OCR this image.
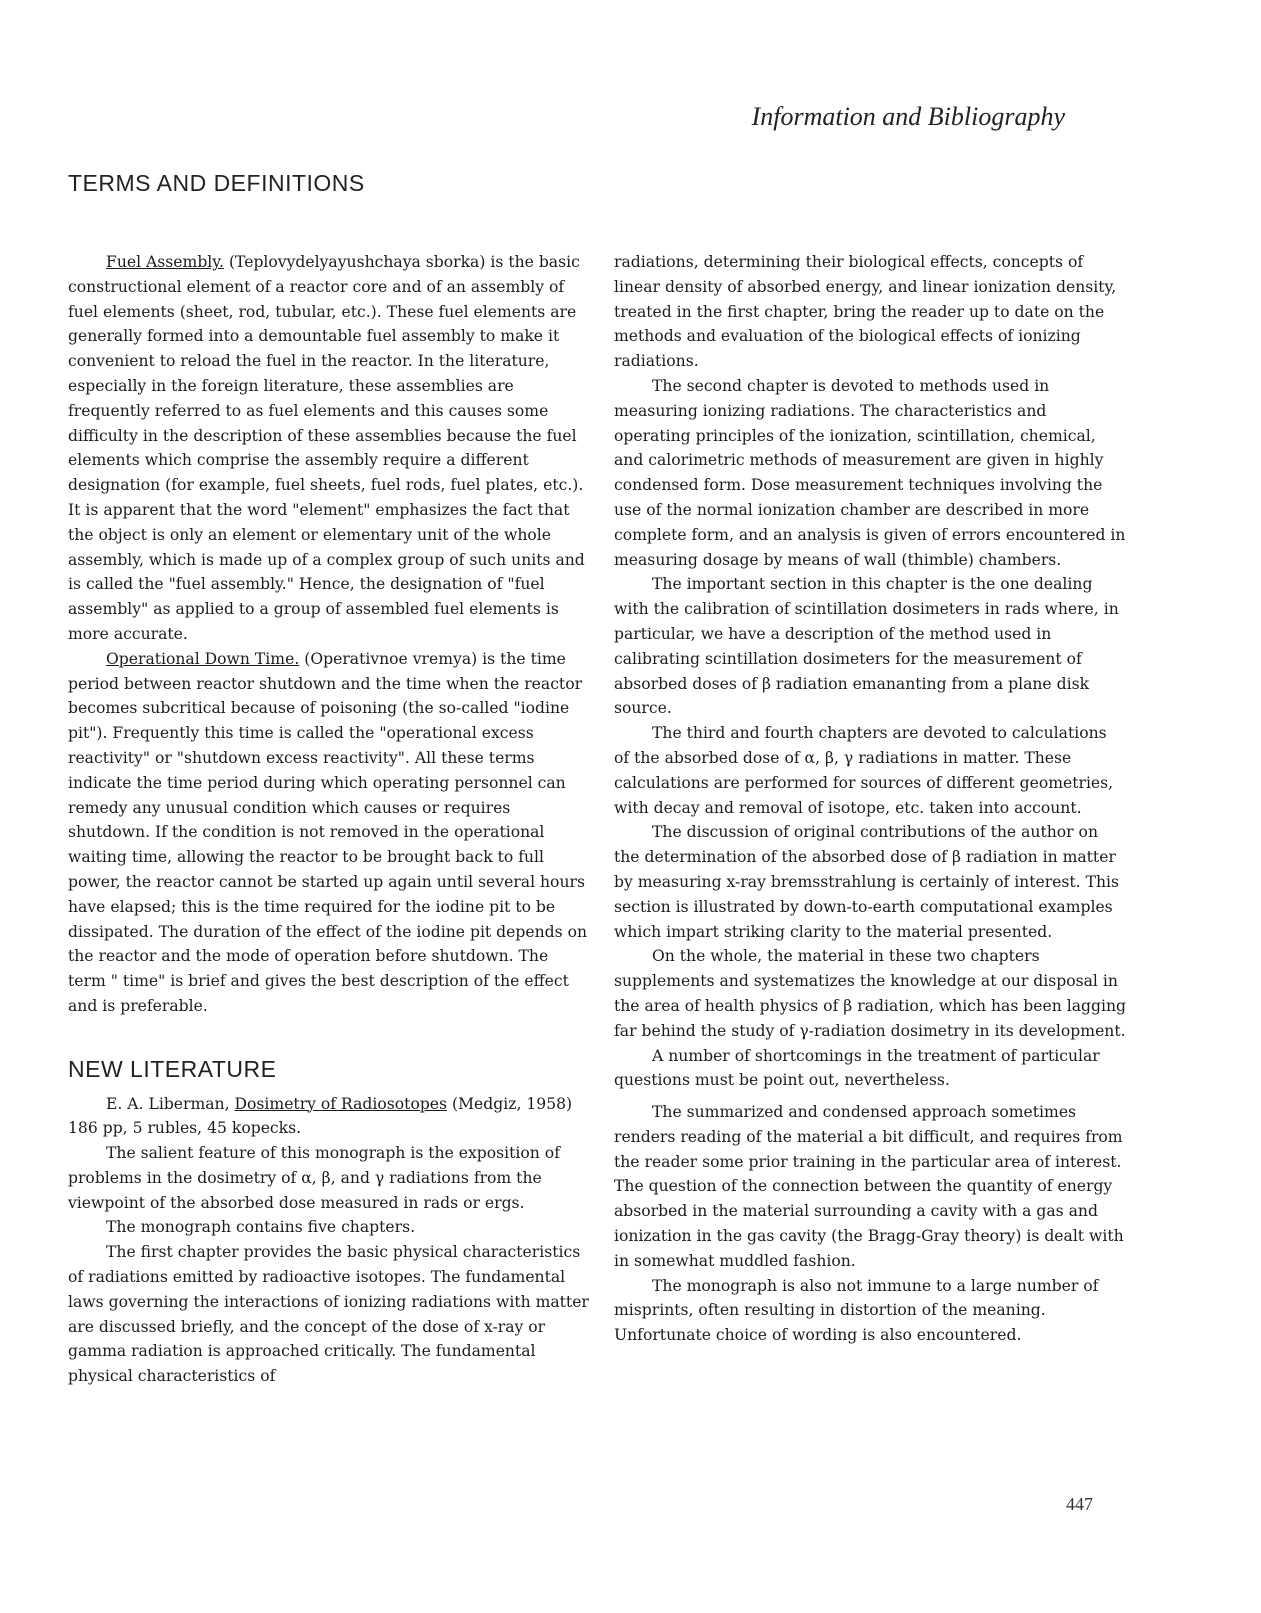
Information and Bibliography
TERMS AND DEFINITIONS

Fuel Assembly. (Teplovydelyayushchaya sborka) is the basic constructional element of a reactor core and of an assembly of fuel elements (sheet, rod, tubular, etc.). These fuel elements are generally formed into a demountable fuel assembly to make it convenient to reload the fuel in the reactor. In the literature, especially in the foreign literature, these assemblies are frequently referred to as fuel elements and this causes some difficulty in the description of these assemblies because the fuel elements which comprise the assembly require a different designation (for example, fuel sheets, fuel rods, fuel plates, etc.). It is apparent that the word "element" emphasizes the fact that the object is only an element or elementary unit of the whole assembly, which is made up of a complex group of such units and is called the "fuel assembly." Hence, the designation of "fuel assembly" as applied to a group of assembled fuel elements is more accurate.

Operational Down Time. (Operativnoe vremya) is the time period between reactor shutdown and the time when the reactor becomes subcritical because of poisoning (the so-called "iodine pit"). Frequently this time is called the "operational excess reactivity" or "shutdown excess reactivity". All these terms indicate the time period during which operating personnel can remedy any unusual condition which causes or requires shutdown. If the condition is not removed in the operational waiting time, allowing the reactor to be brought back to full power, the reactor cannot be started up again until several hours have elapsed; this is the time required for the iodine pit to be dissipated. The duration of the effect of the iodine pit depends on the reactor and the mode of operation before shutdown. The term " time" is brief and gives the best description of the effect and is preferable.

NEW LITERATURE

E. A. Liberman, Dosimetry of Radiosotopes (Medgiz, 1958) 186 pp, 5 rubles, 45 kopecks.

The salient feature of this monograph is the exposition of problems in the dosimetry of α, β, and γ radiations from the viewpoint of the absorbed dose measured in rads or ergs.

The monograph contains five chapters.

The first chapter provides the basic physical characteristics of radiations emitted by radioactive isotopes. The fundamental laws governing the interactions of ionizing radiations with matter are discussed briefly, and the concept of the dose of x-ray or gamma radiation is approached critically. The fundamental physical characteristics of

radiations, determining their biological effects, concepts of linear density of absorbed energy, and linear ionization density, treated in the first chapter, bring the reader up to date on the methods and evaluation of the biological effects of ionizing radiations.

The second chapter is devoted to methods used in measuring ionizing radiations. The characteristics and operating principles of the ionization, scintillation, chemical, and calorimetric methods of measurement are given in highly condensed form. Dose measurement techniques involving the use of the normal ionization chamber are described in more complete form, and an analysis is given of errors encountered in measuring dosage by means of wall (thimble) chambers.

The important section in this chapter is the one dealing with the calibration of scintillation dosimeters in rads where, in particular, we have a description of the method used in calibrating scintillation dosimeters for the measurement of absorbed doses of β radiation emananting from a plane disk source.

The third and fourth chapters are devoted to calculations of the absorbed dose of α, β, γ radiations in matter. These calculations are performed for sources of different geometries, with decay and removal of isotope, etc. taken into account.

The discussion of original contributions of the author on the determination of the absorbed dose of β radiation in matter by measuring x-ray bremsstrahlung is certainly of interest. This section is illustrated by down-to-earth computational examples which impart striking clarity to the material presented.

On the whole, the material in these two chapters supplements and systematizes the knowledge at our disposal in the area of health physics of β radiation, which has been lagging far behind the study of γ-radiation dosimetry in its development.

A number of shortcomings in the treatment of particular questions must be point out, nevertheless.

The summarized and condensed approach sometimes renders reading of the material a bit difficult, and requires from the reader some prior training in the particular area of interest. The question of the connection between the quantity of energy absorbed in the material surrounding a cavity with a gas and ionization in the gas cavity (the Bragg-Gray theory) is dealt with in somewhat muddled fashion.

The monograph is also not immune to a large number of misprints, often resulting in distortion of the meaning. Unfortunate choice of wording is also encountered.

447
